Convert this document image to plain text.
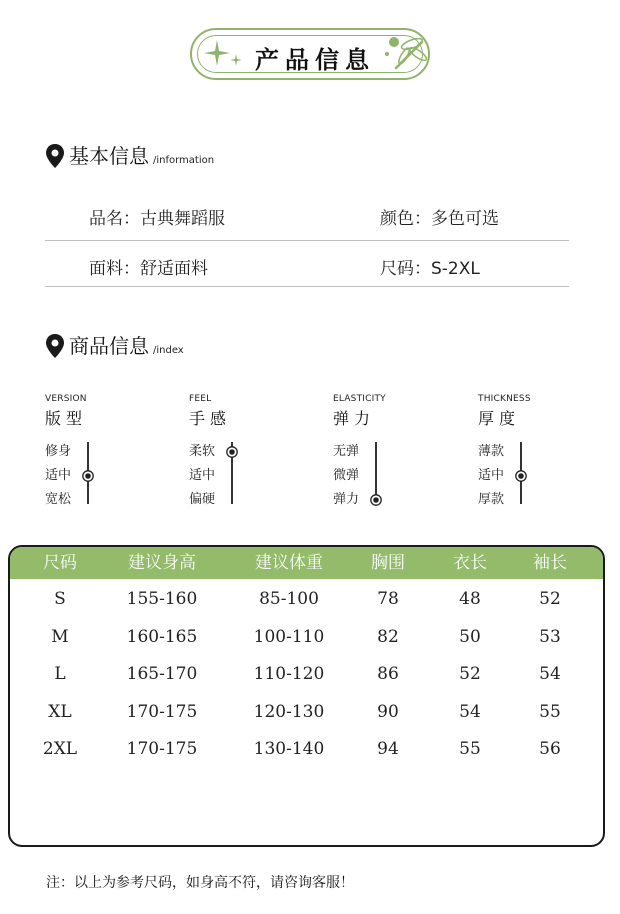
产品信息
基本信息 /information
品名：古典舞蹈服	颜色：多色可选
面料：舒适面料	尺码：S-2XL
商品信息 /index
VERSION
版型
修身
适中
宽松
FEEL
手感
柔软
适中
偏硬
ELASTICITY
弹力
无弹
微弹
弹力
THICKNESS
厚度
薄款
适中
厚款
尺码	建议身高	建议体重	胸围	衣长	袖长
S	155-160	85-100	78	48	52
M	160-165	100-110	82	50	53
L	165-170	110-120	86	52	54
XL	170-175	120-130	90	54	55
2XL	170-175	130-140	94	55	56
注：以上为参考尺码，如身高不符，请咨询客服！
